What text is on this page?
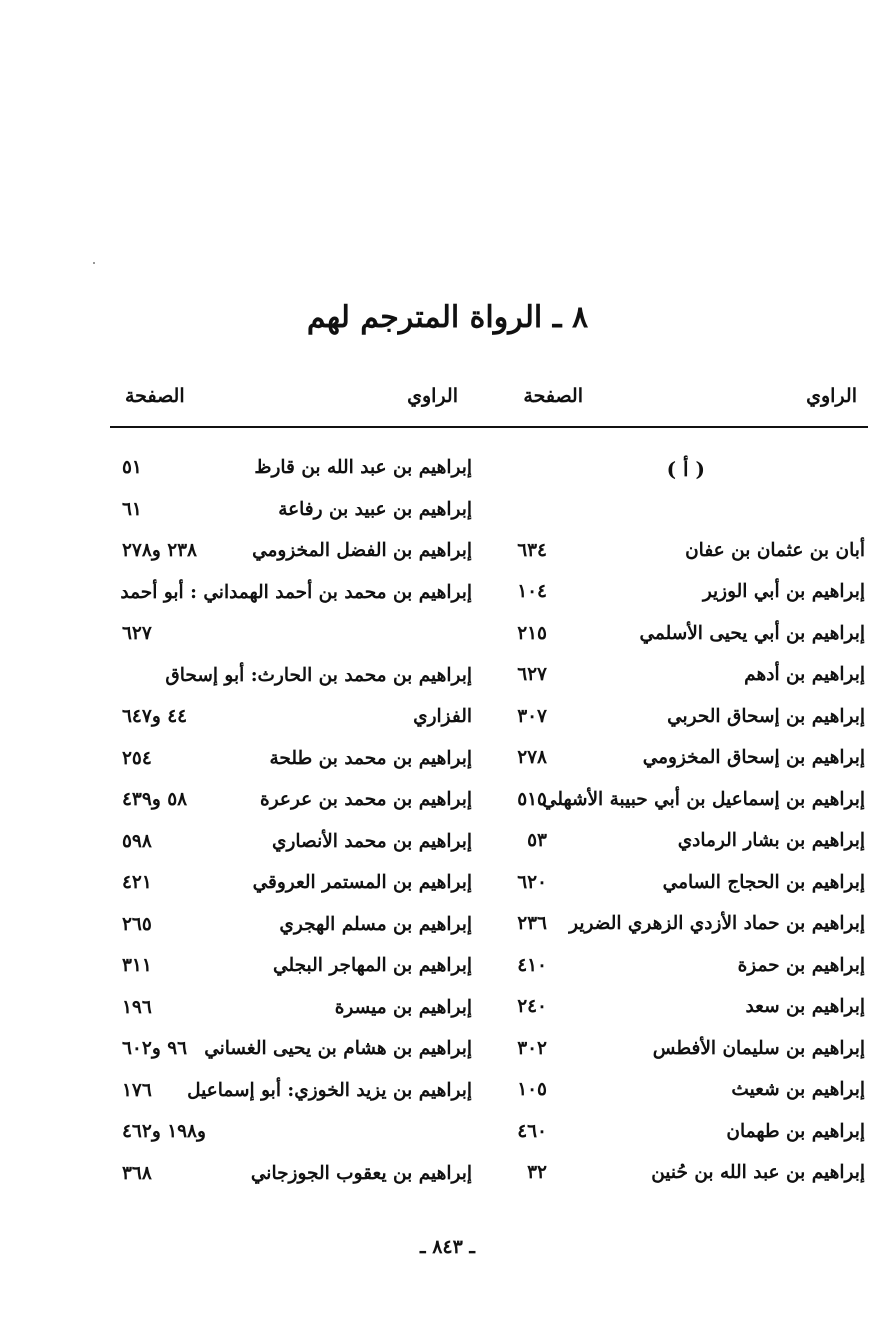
٨ ـ الرواة المترجم لهم
الراوي
الصفحة
الراوي
الصفحة
( أ )
أبان بن عثمان بن عفان
٦٣٤
إبراهيم بن أبي الوزير
١٠٤
إبراهيم بن أبي يحيى الأسلمي
٢١٥
إبراهيم بن أدهم
٦٢٧
إبراهيم بن إسحاق الحربي
٣٠٧
إبراهيم بن إسحاق المخزومي
٢٧٨
إبراهيم بن إسماعيل بن أبي حبيبة الأشهلي
٥١٥
إبراهيم بن بشار الرمادي
٥٣
إبراهيم بن الحجاج السامي
٦٢٠
إبراهيم بن حماد الأزدي الزهري الضرير
٢٣٦
إبراهيم بن حمزة
٤١٠
إبراهيم بن سعد
٢٤٠
إبراهيم بن سليمان الأفطس
٣٠٢
إبراهيم بن شعيث
١٠٥
إبراهيم بن طهمان
٤٦٠
إبراهيم بن عبد الله بن حُنين
٣٢
إبراهيم بن عبد الله بن قارظ
٥١
إبراهيم بن عبيد بن رفاعة
٦١
إبراهيم بن الفضل المخزومي
٢٣٨ و٢٧٨
إبراهيم بن محمد بن أحمد الهمداني : أبو أحمد
٦٢٧
إبراهيم بن محمد بن الحارث: أبو إسحاق
الفزاري
٤٤ و٦٤٧
إبراهيم بن محمد بن طلحة
٢٥٤
إبراهيم بن محمد بن عرعرة
٥٨ و٤٣٩
إبراهيم بن محمد الأنصاري
٥٩٨
إبراهيم بن المستمر العروقي
٤٢١
إبراهيم بن مسلم الهجري
٢٦٥
إبراهيم بن المهاجر البجلي
٣١١
إبراهيم بن ميسرة
١٩٦
إبراهيم بن هشام بن يحيى الغساني
٩٦ و٦٠٢
إبراهيم بن يزيد الخوزي: أبو إسماعيل
١٧٦
و١٩٨ و٤٦٢
إبراهيم بن يعقوب الجوزجاني
٣٦٨
ـ ٨٤٣ ـ
